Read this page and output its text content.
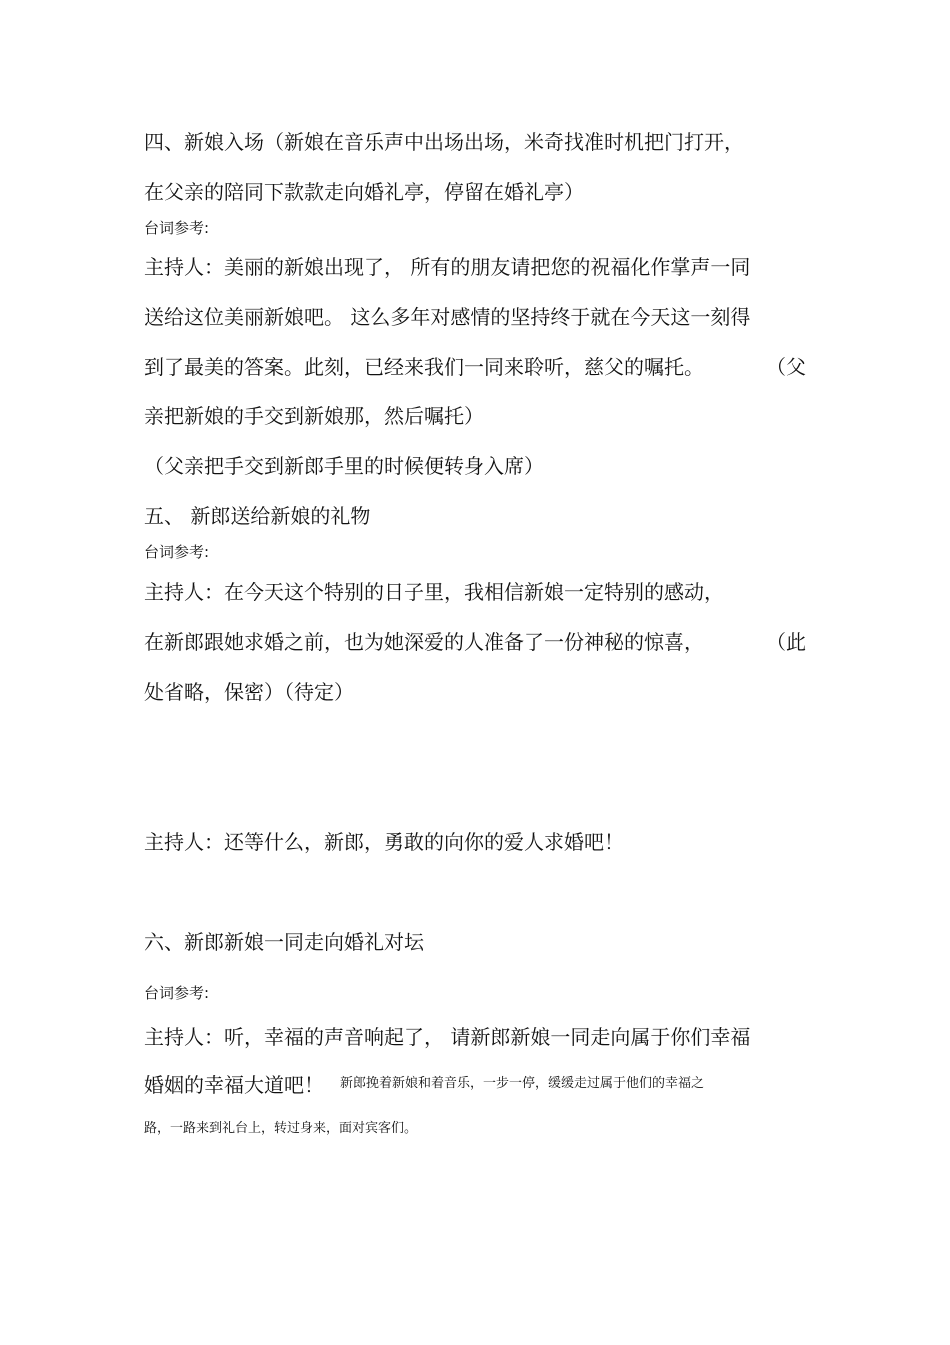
四、新娘入场（新娘在音乐声中出场出场，米奇找准时机把门打开，
在父亲的陪同下款款走向婚礼亭，停留在婚礼亭）
台词参考:
主持人：美丽的新娘出现了， 所有的朋友请把您的祝福化作掌声一同
送给这位美丽新娘吧。 这么多年对感情的坚持终于就在今天这一刻得
到了最美的答案。此刻，已经来我们一同来聆听，慈父的嘱托。	（父
亲把新娘的手交到新娘那，然后嘱托）
（父亲把手交到新郎手里的时候便转身入席）
五、 新郎送给新娘的礼物
台词参考:
主持人：在今天这个特别的日子里，我相信新娘一定特别的感动，
在新郎跟她求婚之前，也为她深爱的人准备了一份神秘的惊喜，	（此
处省略，保密）（待定）
主持人：还等什么，新郎，勇敢的向你的爱人求婚吧！
六、新郎新娘一同走向婚礼对坛
台词参考:
主持人：听，幸福的声音响起了， 请新郎新娘一同走向属于你们幸福
婚姻的幸福大道吧！ 新郎挽着新娘和着音乐，一步一停，缓缓走过属于他们的幸福之
路，一路来到礼台上，转过身来，面对宾客们。
